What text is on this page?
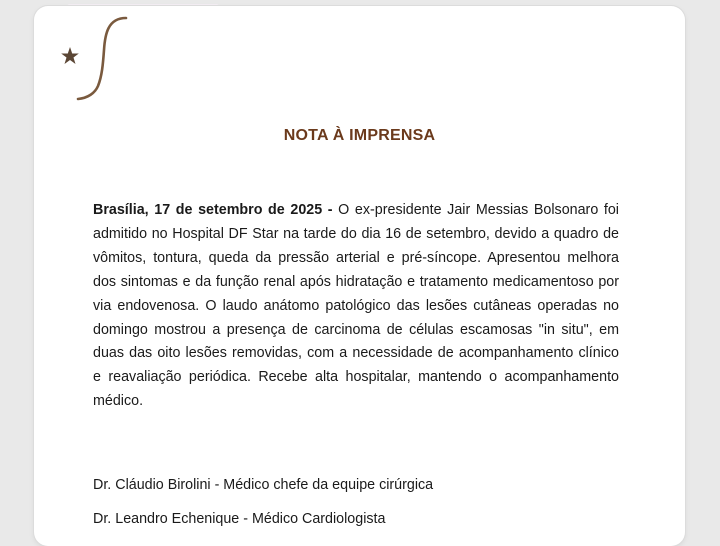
NOTA À IMPRENSA
Brasília, 17 de setembro de 2025 - O ex-presidente Jair Messias Bolsonaro foi admitido no Hospital DF Star na tarde do dia 16 de setembro, devido a quadro de vômitos, tontura, queda da pressão arterial e pré-síncope. Apresentou melhora dos sintomas e da função renal após hidratação e tratamento medicamentoso por via endovenosa. O laudo anátomo patológico das lesões cutâneas operadas no domingo mostrou a presença de carcinoma de células escamosas "in situ", em duas das oito lesões removidas, com a necessidade de acompanhamento clínico e reavaliação periódica. Recebe alta hospitalar, mantendo o acompanhamento médico.
Dr. Cláudio Birolini - Médico chefe da equipe cirúrgica
Dr. Leandro Echenique - Médico Cardiologista
